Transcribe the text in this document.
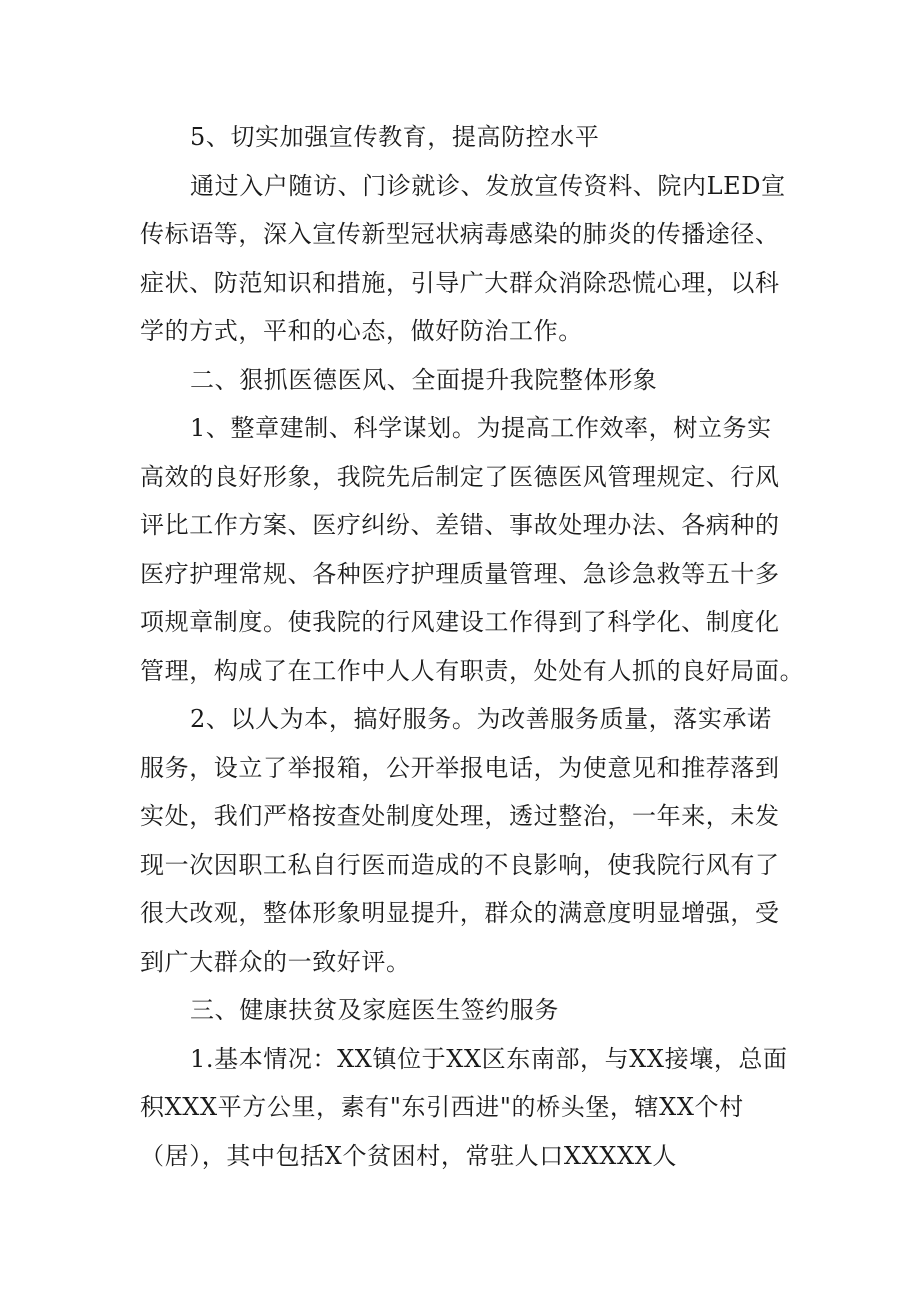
5、切实加强宣传教育，提高防控水平
通过入户随访、门诊就诊、发放宣传资料、院内LED宣
传标语等，深入宣传新型冠状病毒感染的肺炎的传播途径、
症状、防范知识和措施，引导广大群众消除恐慌心理，以科
学的方式，平和的心态，做好防治工作。
二、狠抓医德医风、全面提升我院整体形象
1、整章建制、科学谋划。为提高工作效率，树立务实
高效的良好形象，我院先后制定了医德医风管理规定、行风
评比工作方案、医疗纠纷、差错、事故处理办法、各病种的
医疗护理常规、各种医疗护理质量管理、急诊急救等五十多
项规章制度。使我院的行风建设工作得到了科学化、制度化
管理，构成了在工作中人人有职责，处处有人抓的良好局面。
2、以人为本，搞好服务。为改善服务质量，落实承诺
服务，设立了举报箱，公开举报电话，为使意见和推荐落到
实处，我们严格按查处制度处理，透过整治，一年来，未发
现一次因职工私自行医而造成的不良影响，使我院行风有了
很大改观，整体形象明显提升，群众的满意度明显增强，受
到广大群众的一致好评。
三、健康扶贫及家庭医生签约服务
1.基本情况：XX镇位于XX区东南部，与XX接壤，总面
积XXX平方公里，素有"东引西进"的桥头堡，辖XX个村
（居），其中包括X个贫困村，常驻人口XXXXX人
